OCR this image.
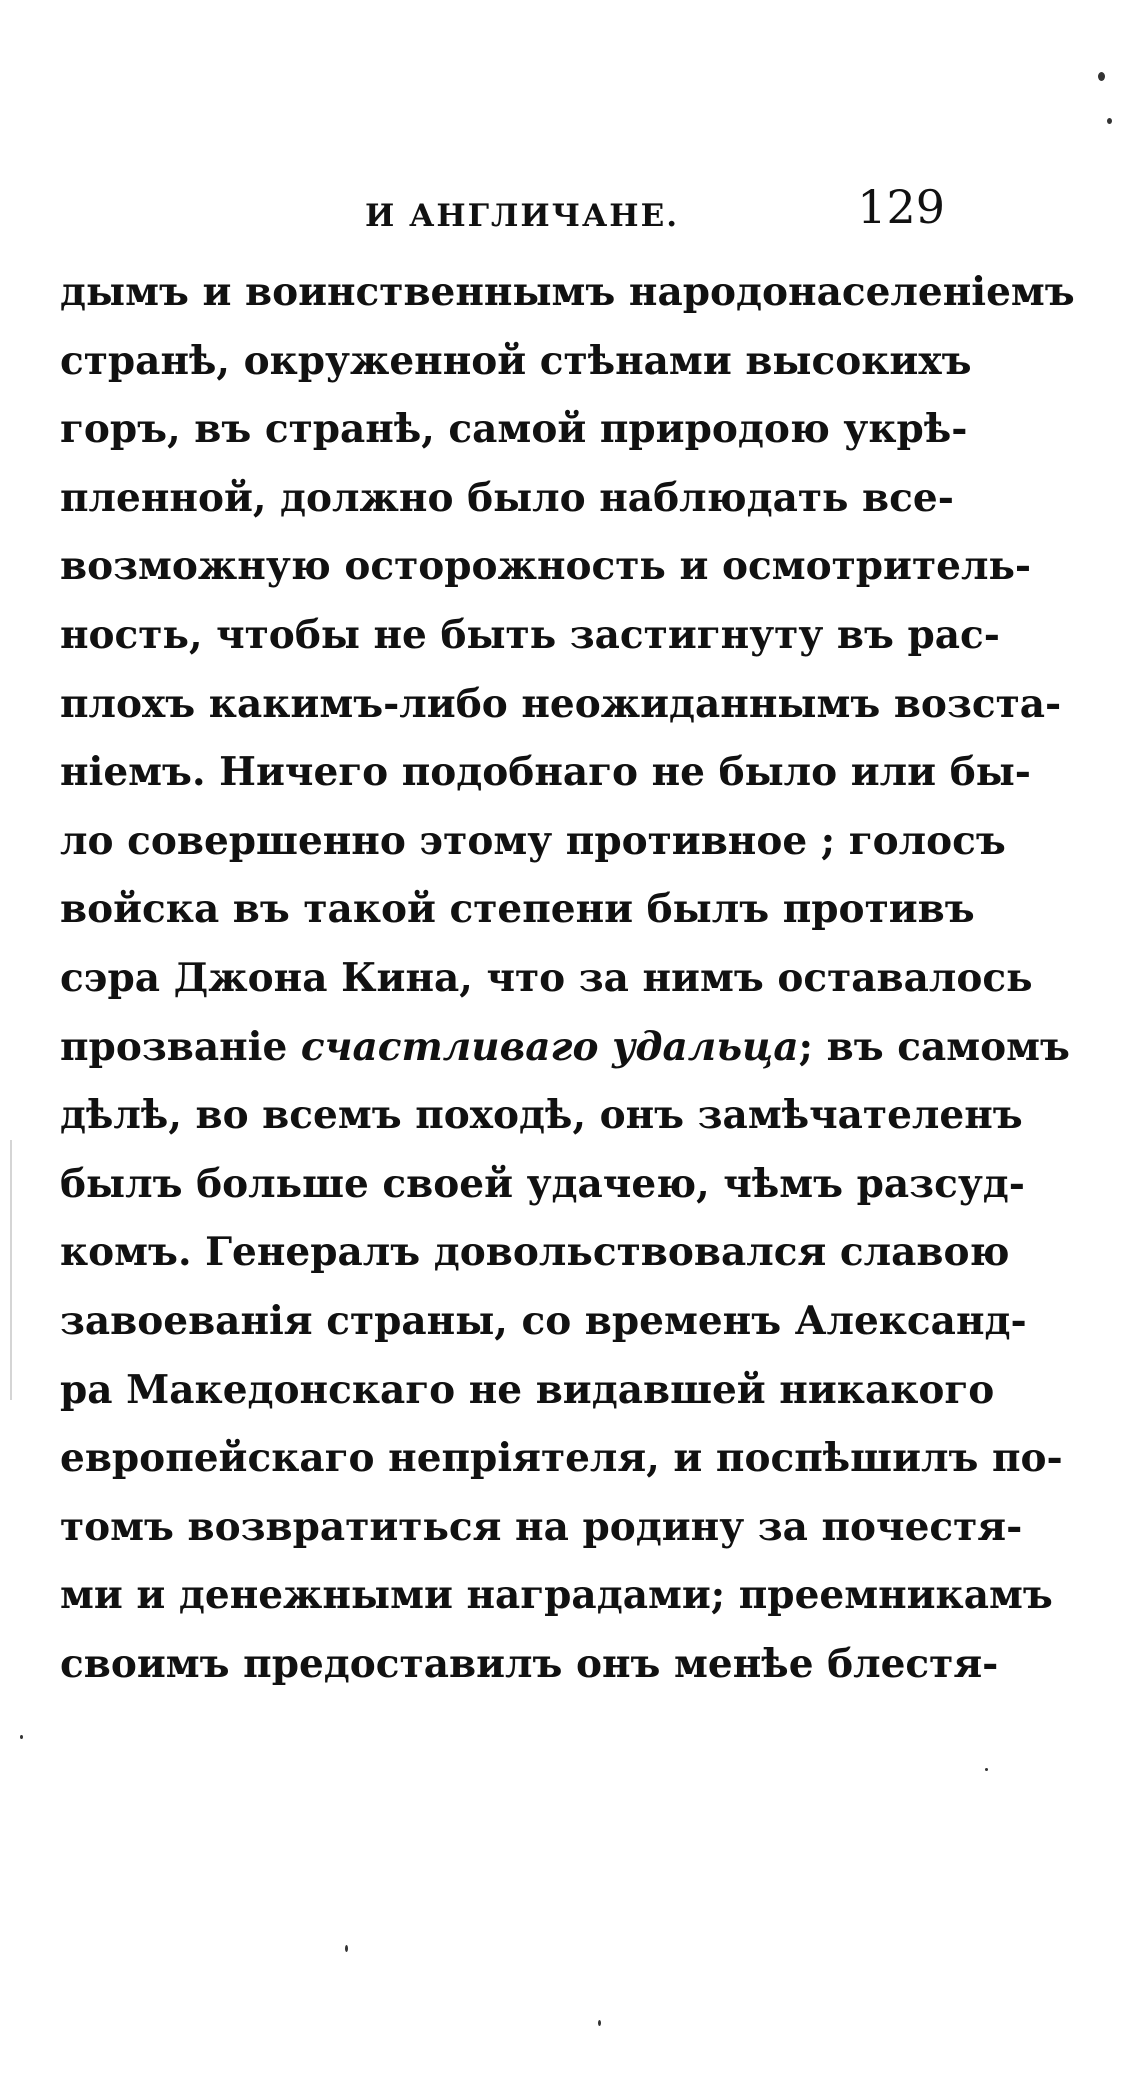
И АНГЛИЧАНЕ.	129
дымъ и воинственнымъ народонаселенiемъ
странѣ, окруженной стѣнами высокихъ
горъ, въ странѣ, самой природою укрѣ-
пленной, должно было наблюдать все-
возможную осторожность и осмотритель-
ность, чтобы не быть застигнуту въ рас-
плохъ какимъ-либо неожиданнымъ возста-
нiемъ. Ничего подобнаго не было или бы-
ло совершенно этому противное ; голосъ
войска въ такой степени былъ противъ
сэра Джона Кина, что за нимъ оставалось
прозванiе счастливаго удальца; въ самомъ
дѣлѣ, во всемъ походѣ, онъ замѣчателенъ
былъ больше своей удачею, чѣмъ разсуд-
комъ. Генералъ довольствовался славою
завоеванiя страны, со временъ Александ-
ра Македонскаго не видавшей никакого
европейскаго непрiятеля, и поспѣшилъ по-
томъ возвратиться на родину за почестя-
ми и денежными наградами; преемникамъ
своимъ предоставилъ онъ менѣе блестя-
